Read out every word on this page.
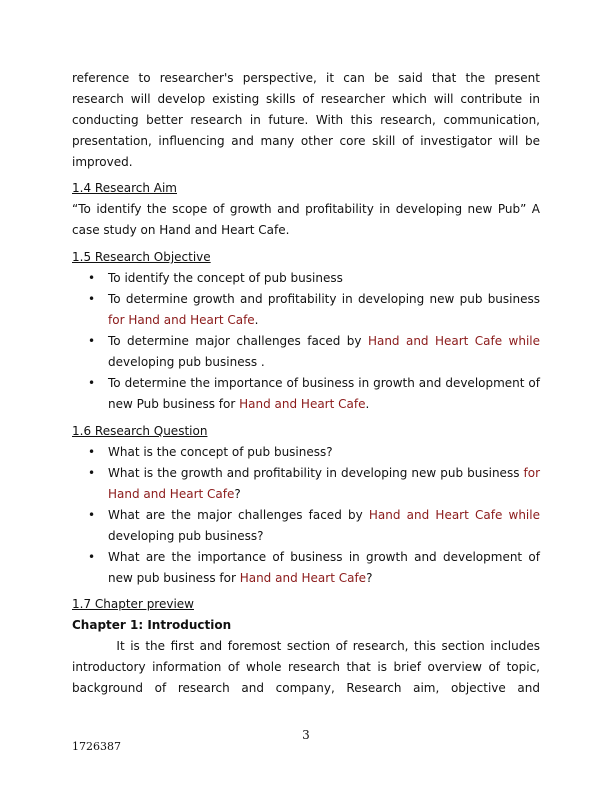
reference to researcher's perspective, it can be said that the present
research will develop existing skills of researcher which will contribute in
conducting better research in future. With this research, communication,
presentation, influencing and many other core skill of investigator will be
improved.
1.4 Research Aim
“To identify the scope of growth and profitability in developing new Pub” A
case study on Hand and Heart Cafe.
1.5 Research Objective
• To identify the concept of pub business
• To determine growth and profitability in developing new pub business for Hand and Heart Cafe.
• To determine major challenges faced by Hand and Heart Cafe while developing pub business .
• To determine the importance of business in growth and development of new Pub business for Hand and Heart Cafe.
1.6 Research Question
• What is the concept of pub business?
• What is the growth and profitability in developing new pub business for Hand and Heart Cafe?
• What are the major challenges faced by Hand and Heart Cafe while developing pub business?
• What are the importance of business in growth and development of new pub business for Hand and Heart Cafe?
1.7 Chapter preview
Chapter 1: Introduction
It is the first and foremost section of research, this section includes
introductory information of whole research that is brief overview of topic,
background of research and company, Research aim, objective and
3
1726387
